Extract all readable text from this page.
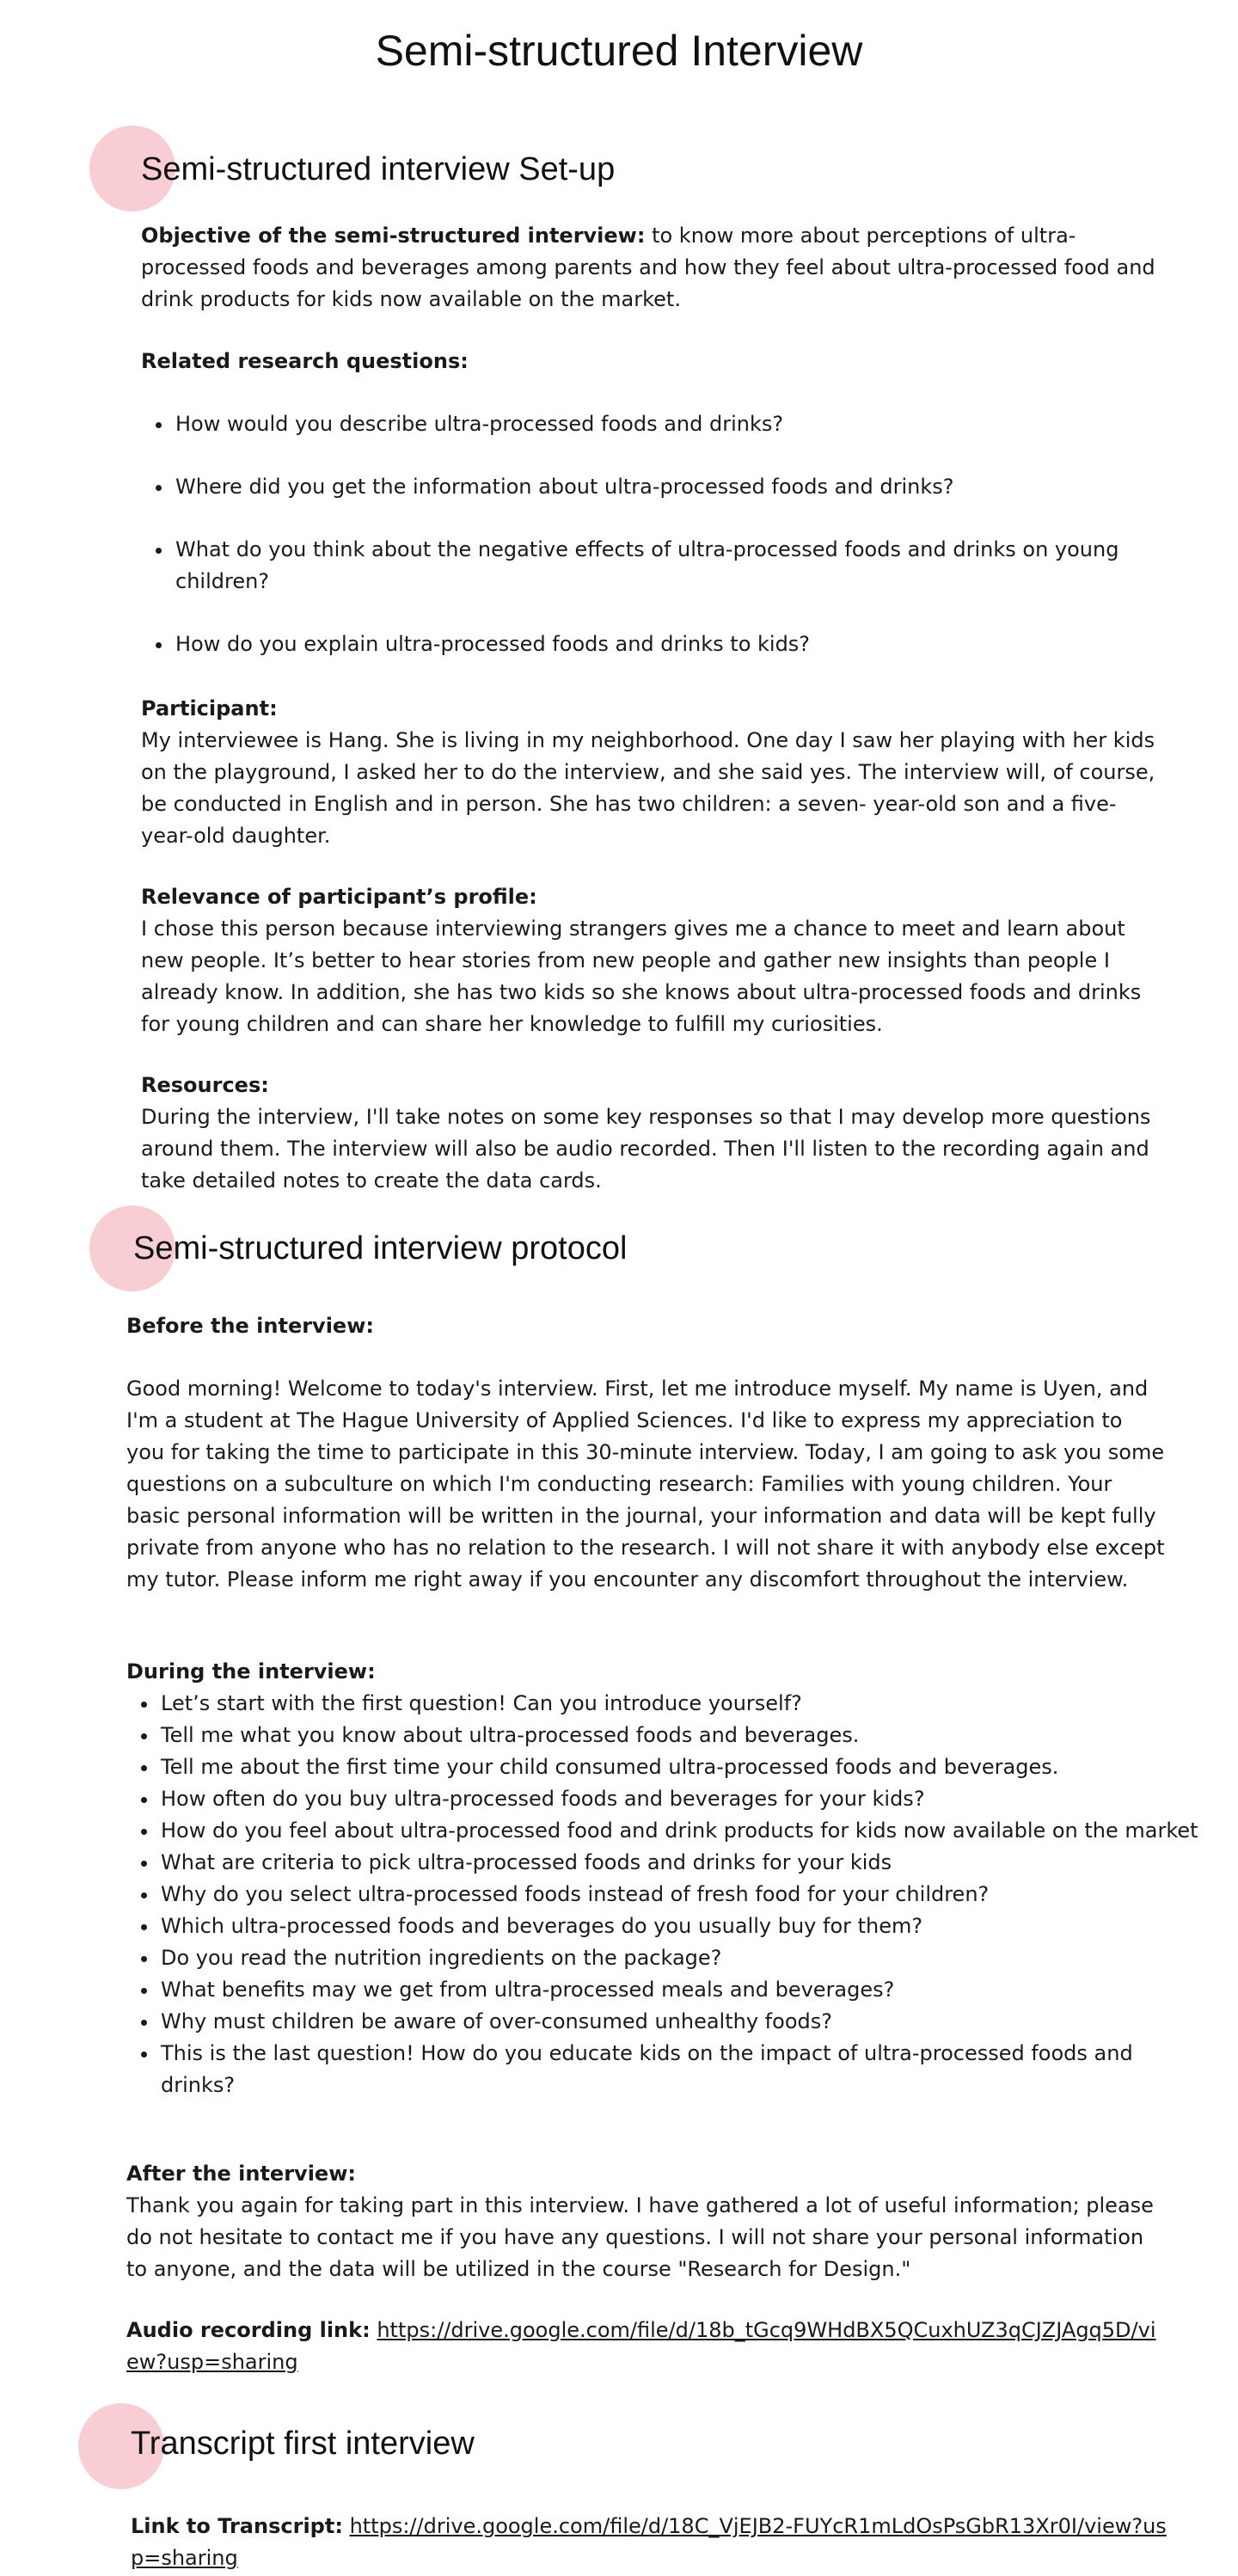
Semi-structured Interview
Semi-structured interview Set-up

Objective of the semi-structured interview: to know more about perceptions of ultra- processed foods and beverages among parents and how they feel about ultra-processed food and drink products for kids now available on the market.

Related research questions:

• How would you describe ultra-processed foods and drinks?
• Where did you get the information about ultra-processed foods and drinks?
• What do you think about the negative effects of ultra-processed foods and drinks on young children?
• How do you explain ultra-processed foods and drinks to kids?
Participant:
My interviewee is Hang. She is living in my neighborhood. One day I saw her playing with her kids on the playground, I asked her to do the interview, and she said yes. The interview will, of course, be conducted in English and in person. She has two children: a seven- year-old son and a five-year-old daughter.
Relevance of participant’s profile:
I chose this person because interviewing strangers gives me a chance to meet and learn about new people. It’s better to hear stories from new people and gather new insights than people I already know. In addition, she has two kids so she knows about ultra-processed foods and drinks for young children and can share her knowledge to fulfill my curiosities.
Resources:
During the interview, I'll take notes on some key responses so that I may develop more questions around them. The interview will also be audio recorded. Then I'll listen to the recording again and take detailed notes to create the data cards.
Semi-structured interview protocol

Before the interview:

Good morning! Welcome to today's interview. First, let me introduce myself. My name is Uyen, and I'm a student at The Hague University of Applied Sciences. I'd like to express my appreciation to you for taking the time to participate in this 30-minute interview. Today, I am going to ask you some questions on a subculture on which I'm conducting research: Families with young children. Your basic personal information will be written in the journal, your information and data will be kept fully private from anyone who has no relation to the research. I will not share it with anybody else except my tutor. Please inform me right away if you encounter any discomfort throughout the interview.

During the interview:
• Let’s start with the first question! Can you introduce yourself?
• Tell me what you know about ultra-processed foods and beverages.
• Tell me about the first time your child consumed ultra-processed foods and beverages.
• How often do you buy ultra-processed foods and beverages for your kids?
• How do you feel about ultra-processed food and drink products for kids now available on the market
• What are criteria to pick ultra-processed foods and drinks for your kids
• Why do you select ultra-processed foods instead of fresh food for your children?
• Which ultra-processed foods and beverages do you usually buy for them?
• Do you read the nutrition ingredients on the package?
• What benefits may we get from ultra-processed meals and beverages?
• Why must children be aware of over-consumed unhealthy foods?
• This is the last question! How do you educate kids on the impact of ultra-processed foods and drinks?
After the interview:
Thank you again for taking part in this interview. I have gathered a lot of useful information; please do not hesitate to contact me if you have any questions. I will not share your personal information to anyone, and the data will be utilized in the course "Research for Design."

Audio recording link: https://drive.google.com/file/d/18b_tGcq9WHdBX5QCuxhUZ3qCJZJAgq5D/view?usp=sharing

Transcript first interview

Link to Transcript: https://drive.google.com/file/d/18C_VjEJB2-FUYcR1mLdOsPsGbR13Xr0I/view?usp=sharing
